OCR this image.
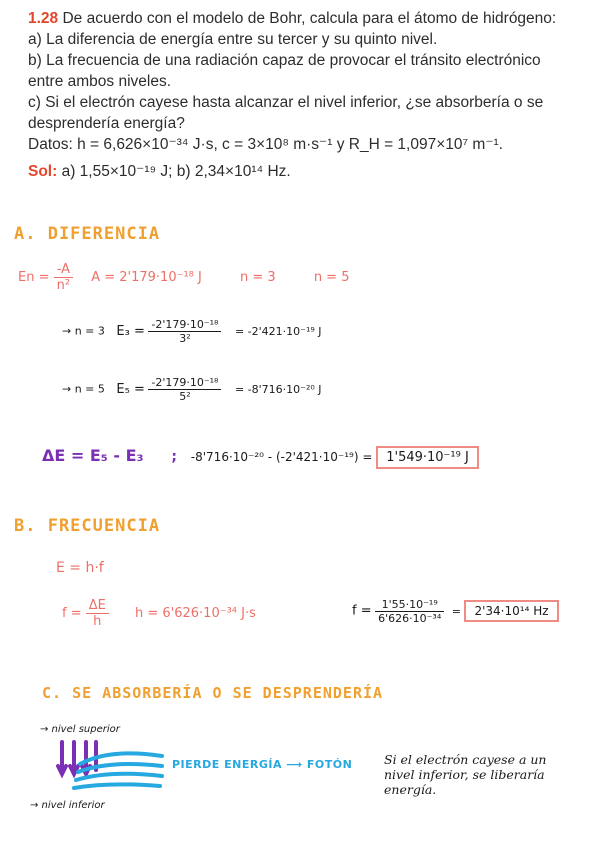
1.28 De acuerdo con el modelo de Bohr, calcula para el átomo de hidrógeno:
a) La diferencia de energía entre su tercer y su quinto nivel.
b) La frecuencia de una radiación capaz de provocar el tránsito electrónico
entre ambos niveles.
c) Si el electrón cayese hasta alcanzar el nivel inferior, ¿se absorbería o se
desprendería energía?
Datos: h = 6,626×10⁻³⁴ J·s, c = 3×10⁸ m·s⁻¹ y R_H = 1,097×10⁷ m⁻¹.
Sol: a) 1,55×10⁻¹⁹ J; b) 2,34×10¹⁴ Hz.
A. DIFERENCIA
$En = \frac{-A}{\text{n²}}$ A = 2'179·10⁻¹⁸ J	n = 3	n = 5
→ n = 3 $E_3 = \frac{\text{-2'179·10⁻¹⁸}}{\text{3²}} = -2'421\cdot 10^{-19}$ J
→ n = 5 $E_5 = \frac{\text{-2'179·10⁻¹⁸}}{\text{5²}} = -8'716\cdot 10^{-20}$ J
ΔE = E₅ - E₃ ; -8'716·10⁻²⁰ - (-2'421·10⁻¹⁹) = 1'549·10⁻¹⁹ J
B. FRECUENCIA
E = h·f
$f = \frac{\Delta E}{h}$ h = 6'626·10⁻³⁴ J·s	$f = \frac{\text{1'55·10⁻¹⁹}}{\text{6'626·10⁻³⁴}} = 2'34\cdot 10^{14}$ Hz
C. SE ABSORBERÍA O SE DESPRENDERÍA
→ nivel superior
→ nivel inferior
PIERDE ENERGÍA ⟶ FOTÓN	Si el electrón cayese a un
nivel inferior, se liberaría
energía.
